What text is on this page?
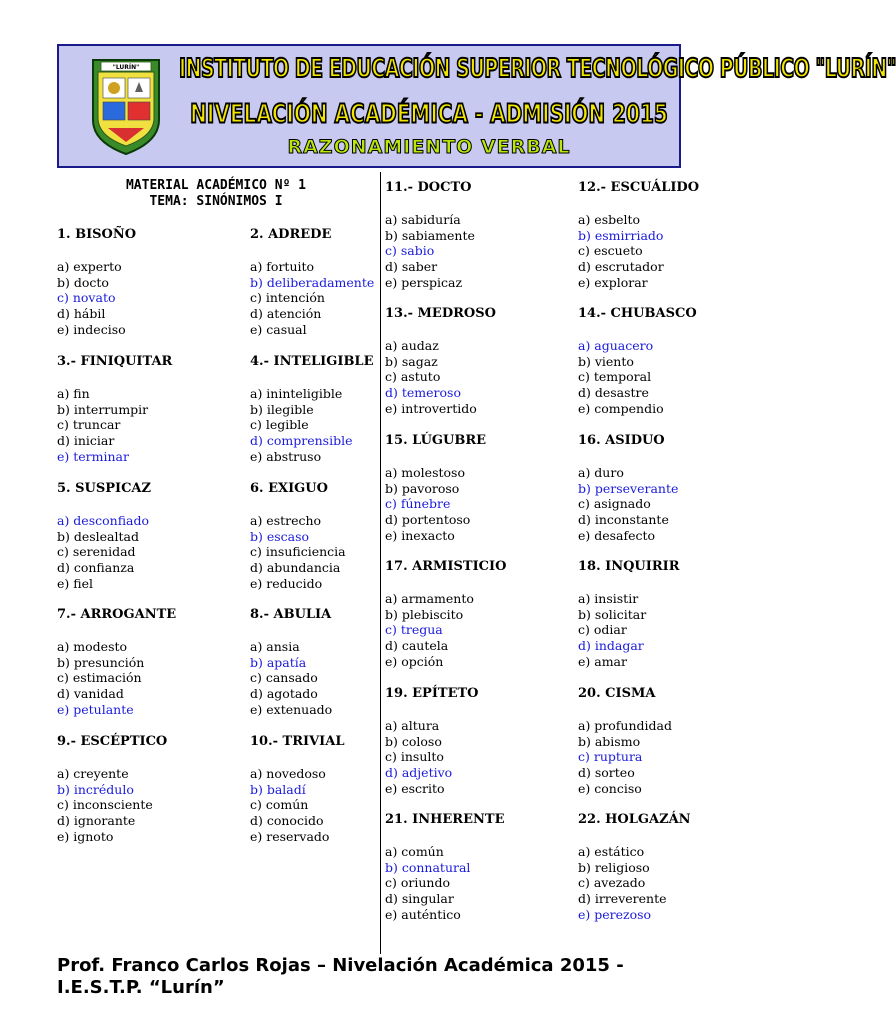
"LURÍN" INSTITUTO DE EDUCACIÓN SUPERIOR TECNOLÓGICO PÚBLICO "LURÍN"
NIVELACIÓN ACADÉMICA - ADMISIÓN 2015
RAZONAMIENTO VERBAL
MATERIAL ACADÉMICO Nº 1
TEMA: SINÓNIMOS I
1. BISOÑO
a) experto
b) docto
c) novato
d) hábil
e) indeciso
2. ADREDE
a) fortuito
b) deliberadamente
c) intención
d) atención
e) casual
3.- FINIQUITAR
a) fin
b) interrumpir
c) truncar
d) iniciar
e) terminar
4.- INTELIGIBLE
a) ininteligible
b) ilegible
c) legible
d) comprensible
e) abstruso
5. SUSPICAZ
a) desconfiado
b) deslealtad
c) serenidad
d) confianza
e) fiel
6. EXIGUO
a) estrecho
b) escaso
c) insuficiencia
d) abundancia
e) reducido
7.- ARROGANTE
a) modesto
b) presunción
c) estimación
d) vanidad
e) petulante
8.- ABULIA
a) ansia
b) apatía
c) cansado
d) agotado
e) extenuado
9.- ESCÉPTICO
a) creyente
b) incrédulo
c) inconsciente
d) ignorante
e) ignoto
10.- TRIVIAL
a) novedoso
b) baladí
c) común
d) conocido
e) reservado
11.- DOCTO
a) sabiduría
b) sabiamente
c) sabio
d) saber
e) perspicaz
12.- ESCUÁLIDO
a) esbelto
b) esmirriado
c) escueto
d) escrutador
e) explorar
13.- MEDROSO
a) audaz
b) sagaz
c) astuto
d) temeroso
e) introvertido
14.- CHUBASCO
a) aguacero
b) viento
c) temporal
d) desastre
e) compendio
15. LÚGUBRE
a) molestoso
b) pavoroso
c) fúnebre
d) portentoso
e) inexacto
16. ASIDUO
a) duro
b) perseverante
c) asignado
d) inconstante
e) desafecto
17. ARMISTICIO
a) armamento
b) plebiscito
c) tregua
d) cautela
e) opción
18. INQUIRIR
a) insistir
b) solicitar
c) odiar
d) indagar
e) amar
19. EPÍTETO
a) altura
b) coloso
c) insulto
d) adjetivo
e) escrito
20. CISMA
a) profundidad
b) abismo
c) ruptura
d) sorteo
e) conciso
21. INHERENTE
a) común
b) connatural
c) oriundo
d) singular
e) auténtico
22. HOLGAZÁN
a) estático
b) religioso
c) avezado
d) irreverente
e) perezoso
Prof. Franco Carlos Rojas – Nivelación Académica 2015 -
I.E.S.T.P. “Lurín”
